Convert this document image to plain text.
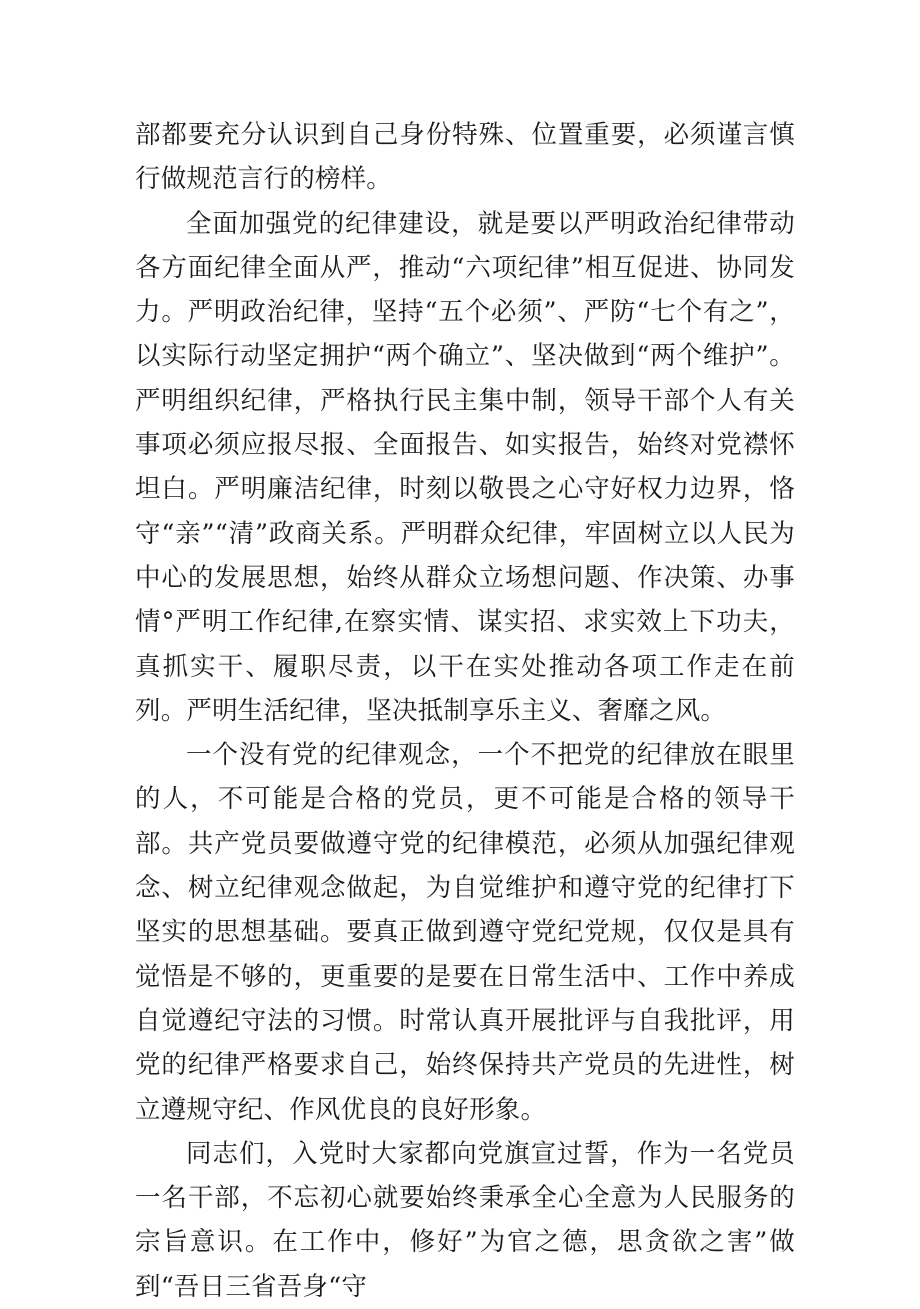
部都要充分认识到自己身份特殊、位置重要，必须谨言慎行做规范言行的榜样。

全面加强党的纪律建设，就是要以严明政治纪律带动各方面纪律全面从严，推动“六项纪律”相互促进、协同发力。严明政治纪律，坚持“五个必须”、严防“七个有之”，以实际行动坚定拥护“两个确立”、坚决做到“两个维护”。严明组织纪律，严格执行民主集中制，领导干部个人有关事项必须应报尽报、全面报告、如实报告，始终对党襟怀坦白。严明廉洁纪律，时刻以敬畏之心守好权力边界，恪守“亲”“清”政商关系。严明群众纪律，牢固树立以人民为中心的发展思想，始终从群众立场想问题、作决策、办事情°严明工作纪律,在察实情、谋实招、求实效上下功夫，真抓实干、履职尽责，以干在实处推动各项工作走在前列。严明生活纪律，坚决抵制享乐主义、奢靡之风。

一个没有党的纪律观念，一个不把党的纪律放在眼里的人，不可能是合格的党员，更不可能是合格的领导干部。共产党员要做遵守党的纪律模范，必须从加强纪律观念、树立纪律观念做起，为自觉维护和遵守党的纪律打下坚实的思想基础。要真正做到遵守党纪党规，仅仅是具有觉悟是不够的，更重要的是要在日常生活中、工作中养成自觉遵纪守法的习惯。时常认真开展批评与自我批评，用党的纪律严格要求自己，始终保持共产党员的先进性，树立遵规守纪、作风优良的良好形象。

同志们，入党时大家都向党旗宣过誓，作为一名党员一名干部，不忘初心就要始终秉承全心全意为人民服务的宗旨意识。在工作中，修好”为官之德，思贪欲之害”做到“吾日三省吾身“守
